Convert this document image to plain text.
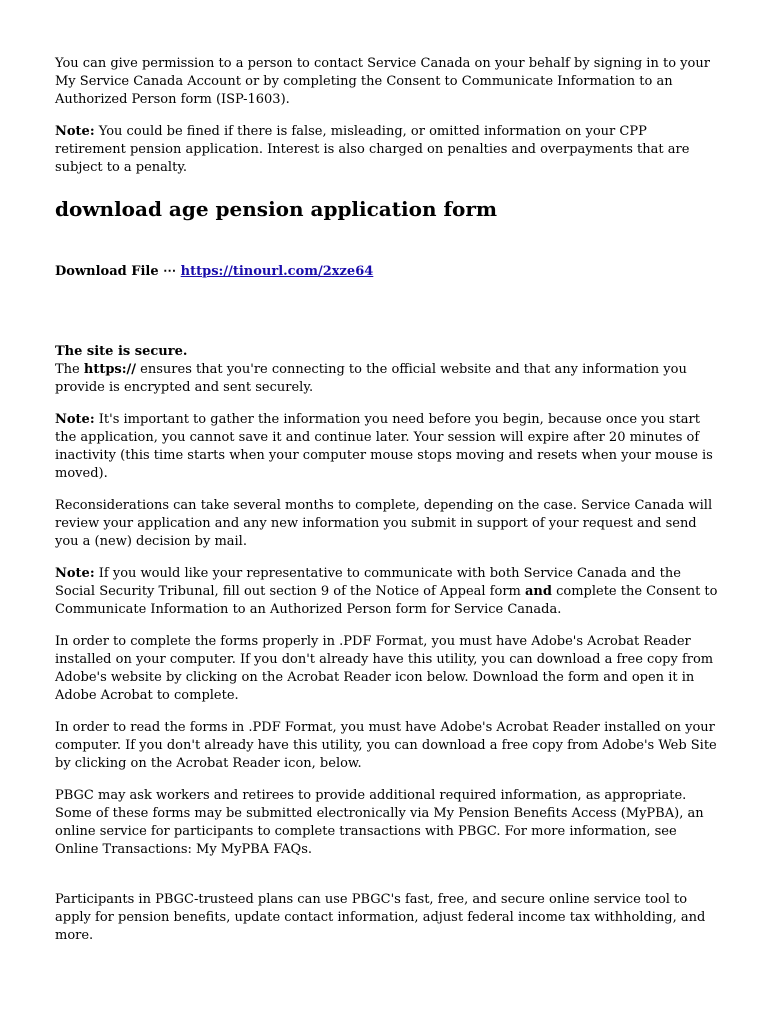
You can give permission to a person to contact Service Canada on your behalf by signing in to your My Service Canada Account or by completing the Consent to Communicate Information to an Authorized Person form (ISP-1603).

Note: You could be fined if there is false, misleading, or omitted information on your CPP retirement pension application. Interest is also charged on penalties and overpayments that are subject to a penalty.

download age pension application form

Download File ⋯ https://tinourl.com/2xze64

The site is secure.

The https:// ensures that you're connecting to the official website and that any information you provide is encrypted and sent securely.

Note: It's important to gather the information you need before you begin, because once you start the application, you cannot save it and continue later. Your session will expire after 20 minutes of inactivity (this time starts when your computer mouse stops moving and resets when your mouse is moved).

Reconsiderations can take several months to complete, depending on the case. Service Canada will review your application and any new information you submit in support of your request and send you a (new) decision by mail.

Note: If you would like your representative to communicate with both Service Canada and the Social Security Tribunal, fill out section 9 of the Notice of Appeal form and complete the Consent to Communicate Information to an Authorized Person form for Service Canada.

In order to complete the forms properly in .PDF Format, you must have Adobe's Acrobat Reader installed on your computer. If you don't already have this utility, you can download a free copy from Adobe's website by clicking on the Acrobat Reader icon below. Download the form and open it in Adobe Acrobat to complete.

In order to read the forms in .PDF Format, you must have Adobe's Acrobat Reader installed on your computer. If you don't already have this utility, you can download a free copy from Adobe's Web Site by clicking on the Acrobat Reader icon, below.

PBGC may ask workers and retirees to provide additional required information, as appropriate. Some of these forms may be submitted electronically via My Pension Benefits Access (MyPBA), an online service for participants to complete transactions with PBGC. For more information, see Online Transactions: My MyPBA FAQs.

Participants in PBGC-trusteed plans can use PBGC's fast, free, and secure online service tool to apply for pension benefits, update contact information, adjust federal income tax withholding, and more.
